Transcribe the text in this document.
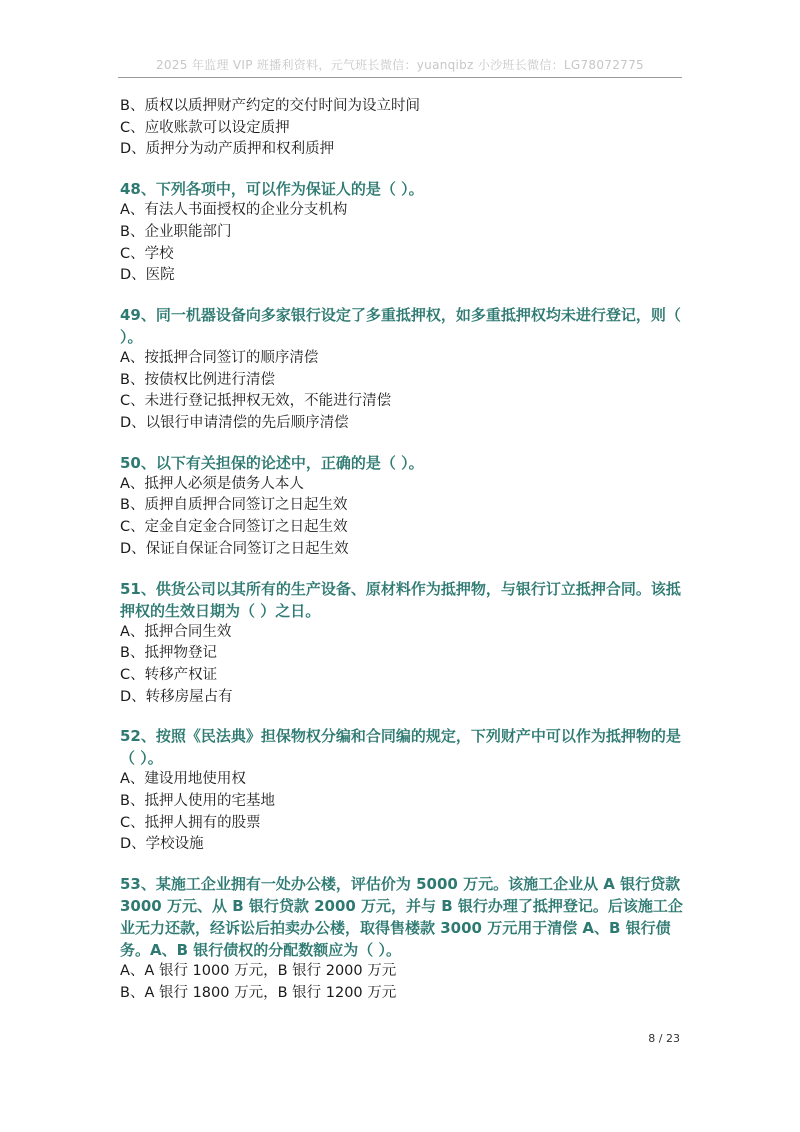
2025 年监理 VIP 班播利资料，元气班长微信：yuanqibz 小沙班长微信：LG78072775
B、质权以质押财产约定的交付时间为设立时间
C、应收账款可以设定质押
D、质押分为动产质押和权利质押
48、下列各项中，可以作为保证人的是（ ）。
A、有法人书面授权的企业分支机构
B、企业职能部门
C、学校
D、医院
49、同一机器设备向多家银行设定了多重抵押权，如多重抵押权均未进行登记，则（ ）。
A、按抵押合同签订的顺序清偿
B、按债权比例进行清偿
C、未进行登记抵押权无效，不能进行清偿
D、以银行申请清偿的先后顺序清偿
50、以下有关担保的论述中，正确的是（ ）。
A、抵押人必须是债务人本人
B、质押自质押合同签订之日起生效
C、定金自定金合同签订之日起生效
D、保证自保证合同签订之日起生效
51、供货公司以其所有的生产设备、原材料作为抵押物，与银行订立抵押合同。该抵押权的生效日期为（ ）之日。
A、抵押合同生效
B、抵押物登记
C、转移产权证
D、转移房屋占有
52、按照《民法典》担保物权分编和合同编的规定，下列财产中可以作为抵押物的是（ ）。
A、建设用地使用权
B、抵押人使用的宅基地
C、抵押人拥有的股票
D、学校设施
53、某施工企业拥有一处办公楼，评估价为 5000 万元。该施工企业从 A 银行贷款 3000 万元、从 B 银行贷款 2000 万元，并与 B 银行办理了抵押登记。后该施工企业无力还款，经诉讼后拍卖办公楼，取得售楼款 3000 万元用于清偿 A、B 银行债务。A、B 银行债权的分配数额应为（ ）。
A、A 银行 1000 万元，B 银行 2000 万元
B、A 银行 1800 万元，B 银行 1200 万元
8 / 23
